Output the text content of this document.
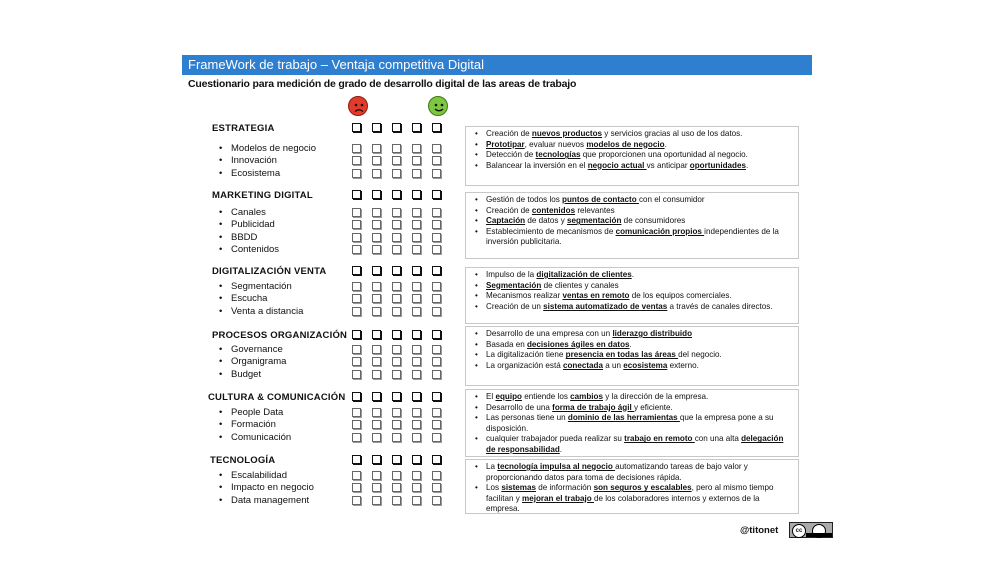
FrameWork de trabajo – Ventaja competitiva Digital
Cuestionario para medición de grado de desarrollo digital de las areas de trabajo
ESTRATEGIA
• Modelos de negocio
• Innovación
• Ecosistema
• Creación de nuevos productos y servicios gracias al uso de los datos.
• Prototipar, evaluar nuevos modelos de negocio.
• Detección de tecnologías que proporcionen una oportunidad al negocio.
• Balancear la inversión en el negocio actual vs anticipar oportunidades.
MARKETING DIGITAL
• Canales
• Publicidad
• BBDD
• Contenidos
• Gestión de todos los puntos de contacto con el consumidor
• Creación de contenidos relevantes
• Captación de datos y segmentación de consumidores
• Establecimiento de mecanismos de comunicación propios independientes de la inversión publicitaria.
DIGITALIZACIÓN VENTA
• Segmentación
• Escucha
• Venta a distancia
• Impulso de la digitalización de clientes.
• Segmentación de clientes y canales
• Mecanismos realizar ventas en remoto de los equipos comerciales.
• Creación de un sistema automatizado de ventas a través de canales directos.
PROCESOS ORGANIZACIÓN
• Governance
• Organigrama
• Budget
• Desarrollo de una empresa con un liderazgo distribuido
• Basada en decisiones ágiles en datos.
• La digitalización tiene presencia en todas las áreas del negocio.
• La organización está conectada a un ecosistema externo.
CULTURA & COMUNICACIÓN
• People Data
• Formación
• Comunicación
• El equipo entiende los cambios y la dirección de la empresa.
• Desarrollo de una forma de trabajo ágil y eficiente.
• Las personas tiene un dominio de las herramientas que la empresa pone a su disposición.
• cualquier trabajador pueda realizar su trabajo en remoto con una alta delegación de responsabilidad.
TECNOLOGÍA
• Escalabilidad
• Impacto en negocio
• Data management
• La tecnología impulsa al negocio automatizando tareas de bajo valor y proporcionando datos para toma de decisiones rápida.
• Los sistemas de información son seguros y escalables, pero al mismo tiempo facilitan y mejoran el trabajo de los colaboradores internos y externos de la empresa.
@titonet	cc
